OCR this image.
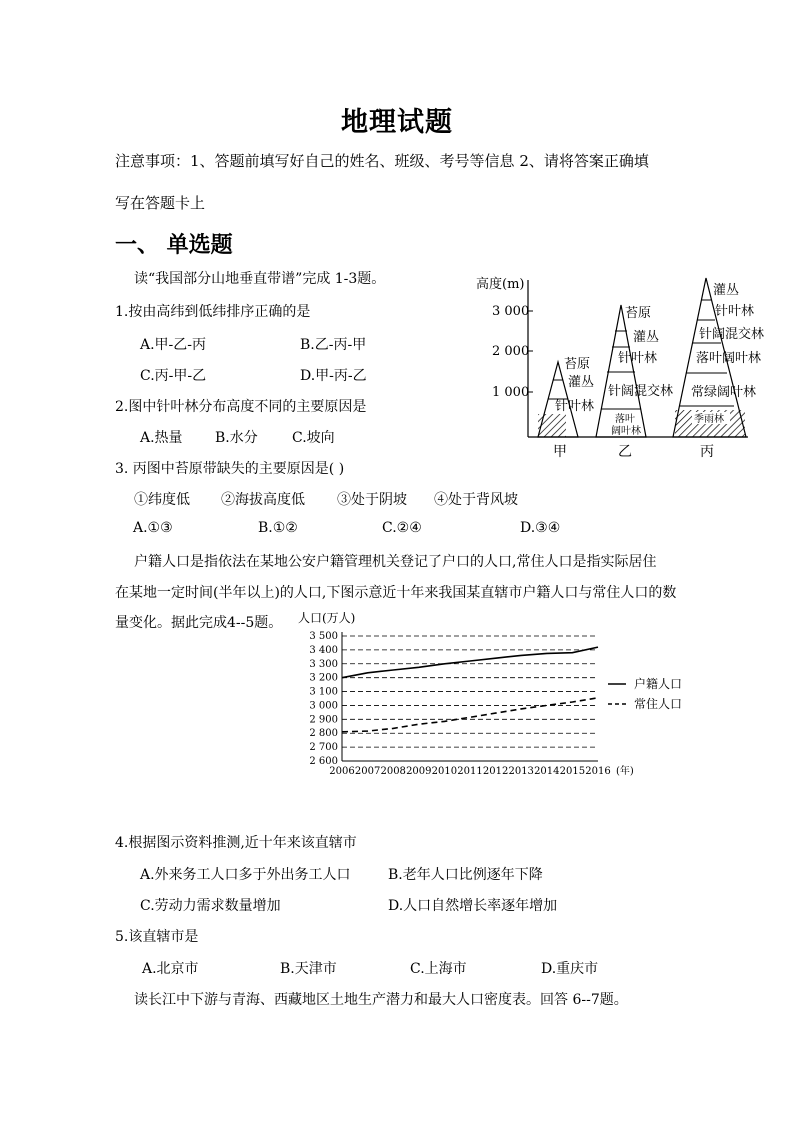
地理试题
注意事项：1、答题前填写好自己的姓名、班级、考号等信息 2、请将答案正确填
写在答题卡上
一、 单选题
读“我国部分山地垂直带谱”完成 1-3题。
1.按由高纬到低纬排序正确的是
A.甲-乙-丙	B.乙-丙-甲
C.丙-甲-乙	D.甲-丙-乙
2.图中针叶林分布高度不同的主要原因是
A.热量 B.水分 C.坡向
3. 丙图中苔原带缺失的主要原因是( )
①纬度低 ②海拔高度低 ③处于阴坡 ④处于背风坡
A.①③	B.①②	C.②④	D.③④
高度(m)
3 000
2 000
1 000
苔原
灌丛
针叶林
苔原
灌丛
针叶林
针阔混交林
落叶
阔叶林
灌丛
针叶林
针阔混交林
落叶阔叶林
常绿阔叶林
季雨林
甲	乙	丙
户籍人口是指依法在某地公安户籍管理机关登记了户口的人口,常住人口是指实际居住
在某地一定时间(半年以上)的人口,下图示意近十年来我国某直辖市户籍人口与常住人口的数
量变化。据此完成4--5题。 人口(万人)
3 500
3 400
3 300
3 200
3 100
3 000
2 900
2 800
2 700
2 600
2006 2007 2008 2009 2010 2011 2012 2013 2014 2015 2016 (年)
户籍人口
常住人口
4.根据图示资料推测,近十年来该直辖市
A.外来务工人口多于外出务工人口	B.老年人口比例逐年下降
C.劳动力需求数量增加	D.人口自然增长率逐年增加
5.该直辖市是
A.北京市	B.天津市	C.上海市	D.重庆市
读长江中下游与青海、西藏地区土地生产潜力和最大人口密度表。回答 6--7题。
